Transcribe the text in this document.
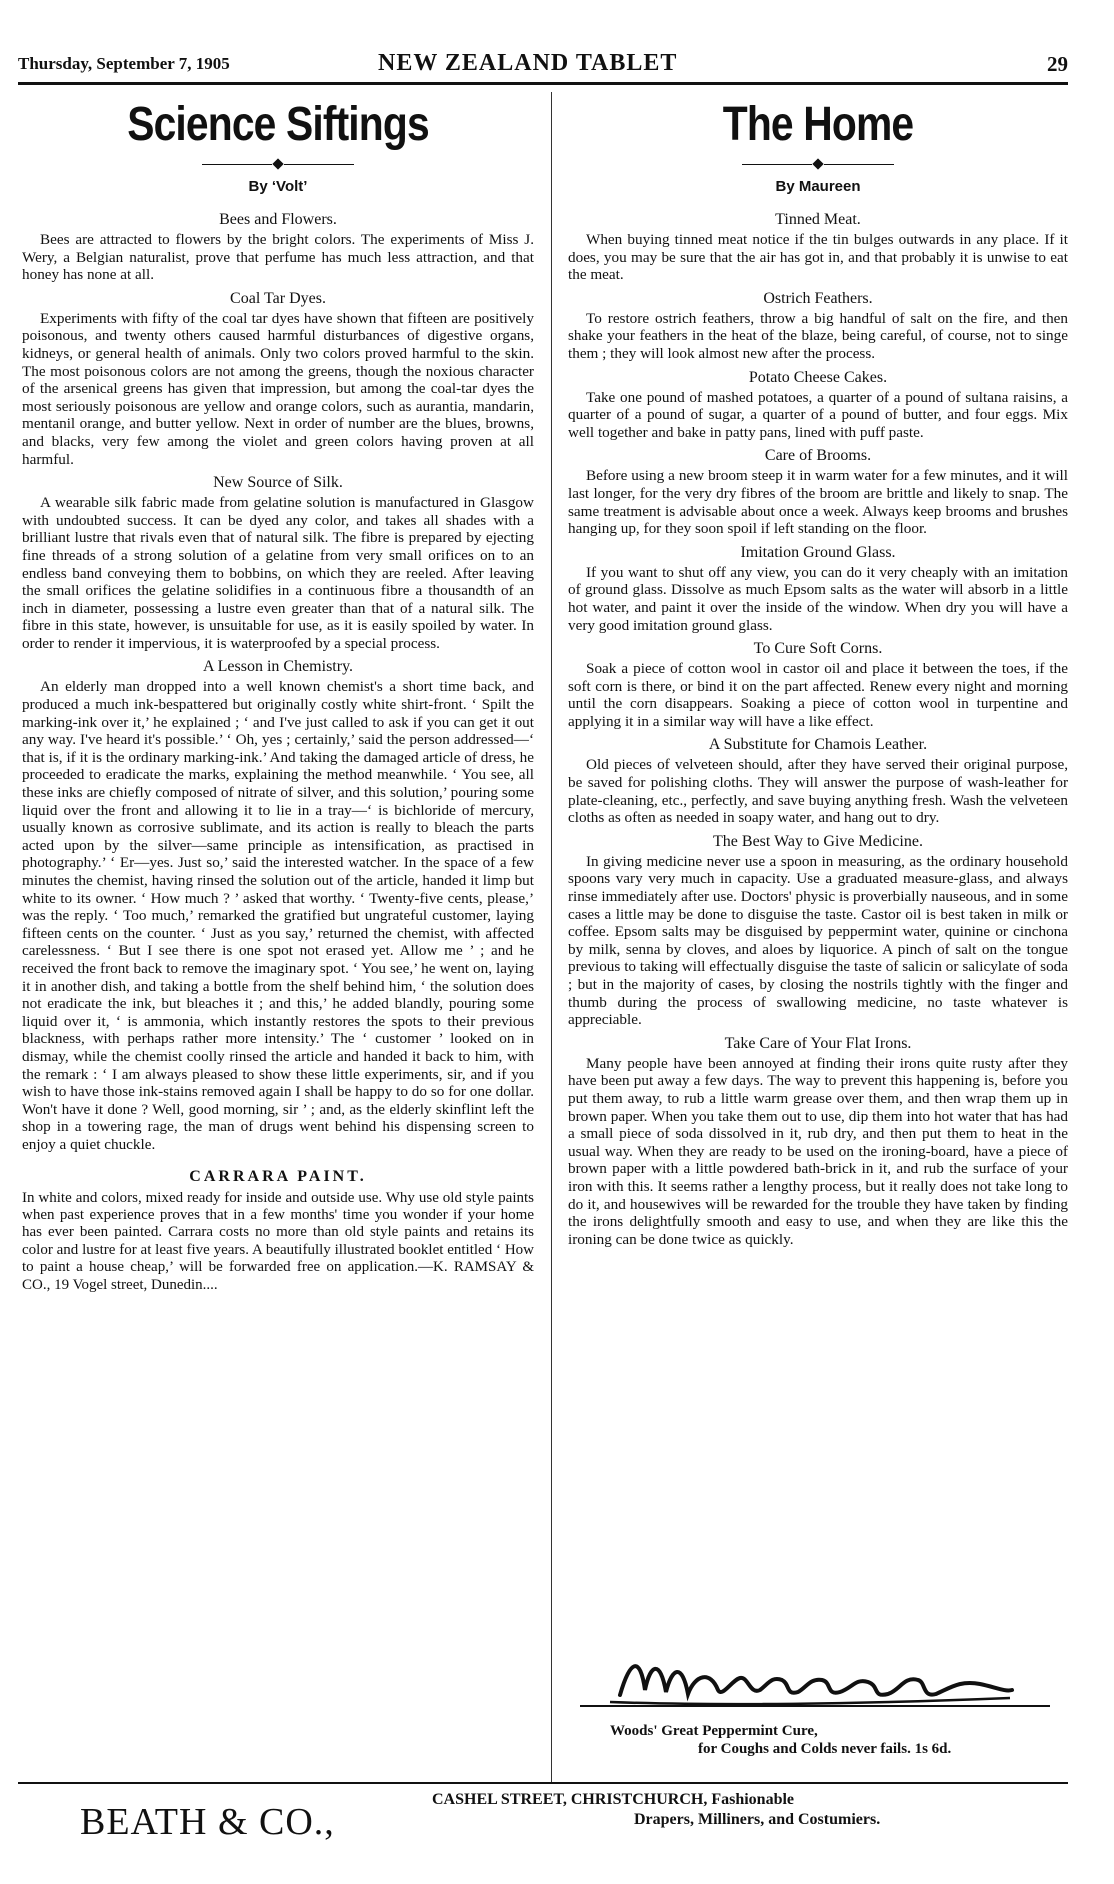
Thursday, September 7, 1905	NEW ZEALAND TABLET	29
Science Siftings
By ‘Volt’
Bees and Flowers.

Bees are attracted to flowers by the bright colors. The experiments of Miss J. Wery, a Belgian naturalist, prove that perfume has much less attraction, and that honey has none at all.

Coal Tar Dyes.

Experiments with fifty of the coal tar dyes have shown that fifteen are positively poisonous, and twenty others caused harmful disturbances of digestive organs, kidneys, or general health of animals. Only two colors proved harmful to the skin. The most poisonous colors are not among the greens, though the noxious character of the arsenical greens has given that impression, but among the coal-tar dyes the most seriously poisonous are yellow and orange colors, such as aurantia, mandarin, mentanil orange, and butter yellow. Next in order of number are the blues, browns, and blacks, very few among the violet and green colors having proven at all harmful.

New Source of Silk.

A wearable silk fabric made from gelatine solution is manufactured in Glasgow with undoubted success. It can be dyed any color, and takes all shades with a brilliant lustre that rivals even that of natural silk. The fibre is prepared by ejecting fine threads of a strong solution of a gelatine from very small orifices on to an endless band conveying them to bobbins, on which they are reeled. After leaving the small orifices the gelatine solidifies in a continuous fibre a thousandth of an inch in diameter, possessing a lustre even greater than that of a natural silk. The fibre in this state, however, is unsuitable for use, as it is easily spoiled by water. In order to render it impervious, it is waterproofed by a special process.

A Lesson in Chemistry.

An elderly man dropped into a well known chemist's a short time back, and produced a much ink-bespattered but originally costly white shirt-front. ‘ Spilt the marking-ink over it,’ he explained ; ‘ and I've just called to ask if you can get it out any way. I've heard it's possible.’ ‘ Oh, yes ; certainly,’ said the person addressed—‘ that is, if it is the ordinary marking-ink.’ And taking the damaged article of dress, he proceeded to eradicate the marks, explaining the method meanwhile. ‘ You see, all these inks are chiefly composed of nitrate of silver, and this solution,’ pouring some liquid over the front and allowing it to lie in a tray—‘ is bichloride of mercury, usually known as corrosive sublimate, and its action is really to bleach the parts acted upon by the silver—same principle as intensification, as practised in photography.’ ‘ Er—yes. Just so,’ said the interested watcher. In the space of a few minutes the chemist, having rinsed the solution out of the article, handed it limp but white to its owner. ‘ How much ? ’ asked that worthy. ‘ Twenty-five cents, please,’ was the reply. ‘ Too much,’ remarked the gratified but ungrateful customer, laying fifteen cents on the counter. ‘ Just as you say,’ returned the chemist, with affected carelessness. ‘ But I see there is one spot not erased yet. Allow me ’ ; and he received the front back to remove the imaginary spot. ‘ You see,’ he went on, laying it in another dish, and taking a bottle from the shelf behind him, ‘ the solution does not eradicate the ink, but bleaches it ; and this,’ he added blandly, pouring some liquid over it, ‘ is ammonia, which instantly restores the spots to their previous blackness, with perhaps rather more intensity.’ The ‘ customer ’ looked on in dismay, while the chemist coolly rinsed the article and handed it back to him, with the remark : ‘ I am always pleased to show these little experiments, sir, and if you wish to have those ink-stains removed again I shall be happy to do so for one dollar. Won't have it done ? Well, good morning, sir ’ ; and, as the elderly skinflint left the shop in a towering rage, the man of drugs went behind his dispensing screen to enjoy a quiet chuckle.

CARRARA PAINT.

In white and colors, mixed ready for inside and outside use. Why use old style paints when past experience proves that in a few months' time you wonder if your home has ever been painted. Carrara costs no more than old style paints and retains its color and lustre for at least five years. A beautifully illustrated booklet entitled ‘ How to paint a house cheap,’ will be forwarded free on application.—K. RAMSAY & CO., 19 Vogel street, Dunedin....

The Home
By Maureen
Tinned Meat.

When buying tinned meat notice if the tin bulges outwards in any place. If it does, you may be sure that the air has got in, and that probably it is unwise to eat the meat.

Ostrich Feathers.

To restore ostrich feathers, throw a big handful of salt on the fire, and then shake your feathers in the heat of the blaze, being careful, of course, not to singe them ; they will look almost new after the process.

Potato Cheese Cakes.

Take one pound of mashed potatoes, a quarter of a pound of sultana raisins, a quarter of a pound of sugar, a quarter of a pound of butter, and four eggs. Mix well together and bake in patty pans, lined with puff paste.

Care of Brooms.

Before using a new broom steep it in warm water for a few minutes, and it will last longer, for the very dry fibres of the broom are brittle and likely to snap. The same treatment is advisable about once a week. Always keep brooms and brushes hanging up, for they soon spoil if left standing on the floor.

Imitation Ground Glass.

If you want to shut off any view, you can do it very cheaply with an imitation of ground glass. Dissolve as much Epsom salts as the water will absorb in a little hot water, and paint it over the inside of the window. When dry you will have a very good imitation ground glass.

To Cure Soft Corns.

Soak a piece of cotton wool in castor oil and place it between the toes, if the soft corn is there, or bind it on the part affected. Renew every night and morning until the corn disappears. Soaking a piece of cotton wool in turpentine and applying it in a similar way will have a like effect.

A Substitute for Chamois Leather.

Old pieces of velveteen should, after they have served their original purpose, be saved for polishing cloths. They will answer the purpose of wash-leather for plate-cleaning, etc., perfectly, and save buying anything fresh. Wash the velveteen cloths as often as needed in soapy water, and hang out to dry.

The Best Way to Give Medicine.

In giving medicine never use a spoon in measuring, as the ordinary household spoons vary very much in capacity. Use a graduated measure-glass, and always rinse immediately after use. Doctors' physic is proverbially nauseous, and in some cases a little may be done to disguise the taste. Castor oil is best taken in milk or coffee. Epsom salts may be disguised by peppermint water, quinine or cinchona by milk, senna by cloves, and aloes by liquorice. A pinch of salt on the tongue previous to taking will effectually disguise the taste of salicin or salicylate of soda ; but in the majority of cases, by closing the nostrils tightly with the finger and thumb during the process of swallowing medicine, no taste whatever is appreciable.

Take Care of Your Flat Irons.

Many people have been annoyed at finding their irons quite rusty after they have been put away a few days. The way to prevent this happening is, before you put them away, to rub a little warm grease over them, and then wrap them up in brown paper. When you take them out to use, dip them into hot water that has had a small piece of soda dissolved in it, rub dry, and then put them to heat in the usual way. When they are ready to be used on the ironing-board, have a piece of brown paper with a little powdered bath-brick in it, and rub the surface of your iron with this. It seems rather a lengthy process, but it really does not take long to do it, and housewives will be rewarded for the trouble they have taken by finding the irons delightfully smooth and easy to use, and when they are like this the ironing can be done twice as quickly.

Woods' Great Peppermint Cure,
for Coughs and Colds never fails. 1s 6d.
BEATH & CO.,
CASHEL STREET, CHRISTCHURCH, Fashionable
Drapers, Milliners, and Costumiers.
